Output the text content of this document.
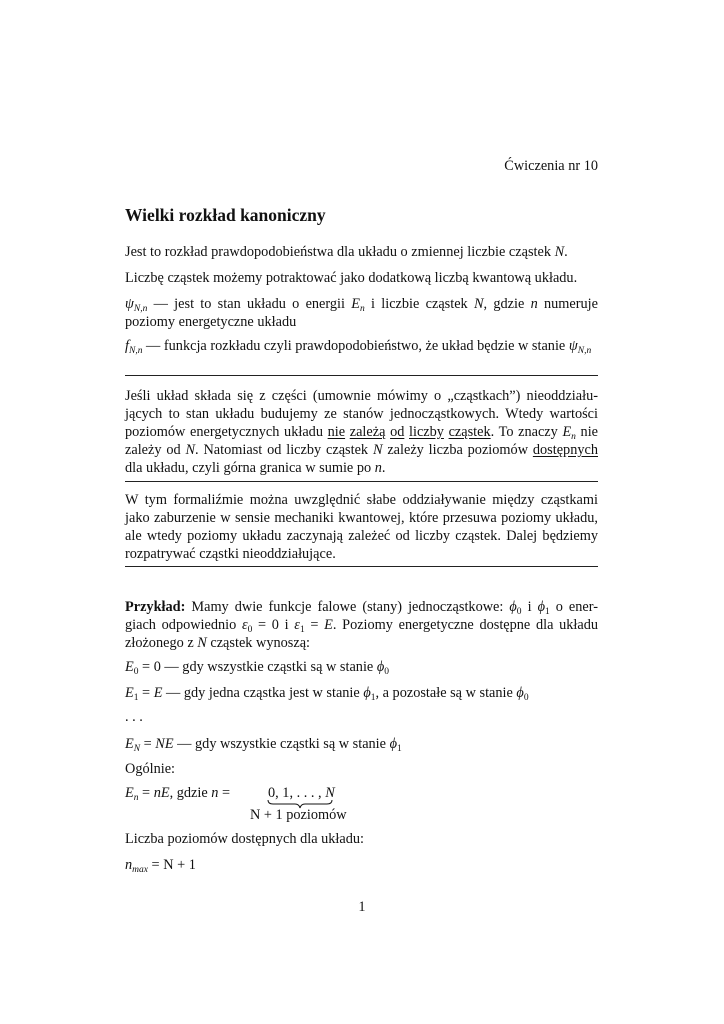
Ćwiczenia nr 10
Wielki rozkład kanoniczny

Jest to rozkład prawdopodobieństwa dla układu o zmiennej liczbie cząstek N.

Liczbę cząstek możemy potraktować jako dodatkową liczbą kwantową układu.

$\psi_{N,n}$ — jest to stan układu o energii $E_n$ i liczbie cząstek N, gdzie n numeruje poziomy energetyczne układu

$f_{N,n}$ — funkcja rozkładu czyli prawdopodobieństwo, że układ będzie w stanie $\psi_{N,n}$

Jeśli układ składa się z części (umownie mówimy o „cząstkach”) nieoddziału-jących to stan układu budujemy ze stanów jednocząstkowych. Wtedy wartości poziomów energetycznych układu nie zależą od liczby cząstek. To znaczy $E_n$ nie zależy od N. Natomiast od liczby cząstek N zależy liczba poziomów dostępnych dla układu, czyli górna granica w sumie po n.

W tym formaliźmie można uwzględnić słabe oddziaływanie między cząstkami jako zaburzenie w sensie mechaniki kwantowej, które przesuwa poziomy układu, ale wtedy poziomy układu zaczynają zależeć od liczby cząstek. Dalej będziemy rozpatrywać cząstki nieoddziałujące.

Przykład: Mamy dwie funkcje falowe (stany) jednocząstkowe: $\phi_0$ i $\phi_1$ o ener-giach odpowiednio $\varepsilon_0 = 0$ i $\varepsilon_1 = E$. Poziomy energetyczne dostępne dla układu złożonego z N cząstek wynoszą:

$E_0 = 0$ — gdy wszystkie cząstki są w stanie $\phi_0$

$E_1 = E$ — gdy jedna cząstka jest w stanie $\phi_1$, a pozostałe są w stanie $\phi_0$

. . .

$E_N$ = NE — gdy wszystkie cząstki są w stanie $\phi_1$

Ogólnie:

$E_n$ = nE, gdzie n =	0, 1, . . . , N
N + 1 poziomów

Liczba poziomów dostępnych dla układu:

$n_{max} = N + 1$

1
